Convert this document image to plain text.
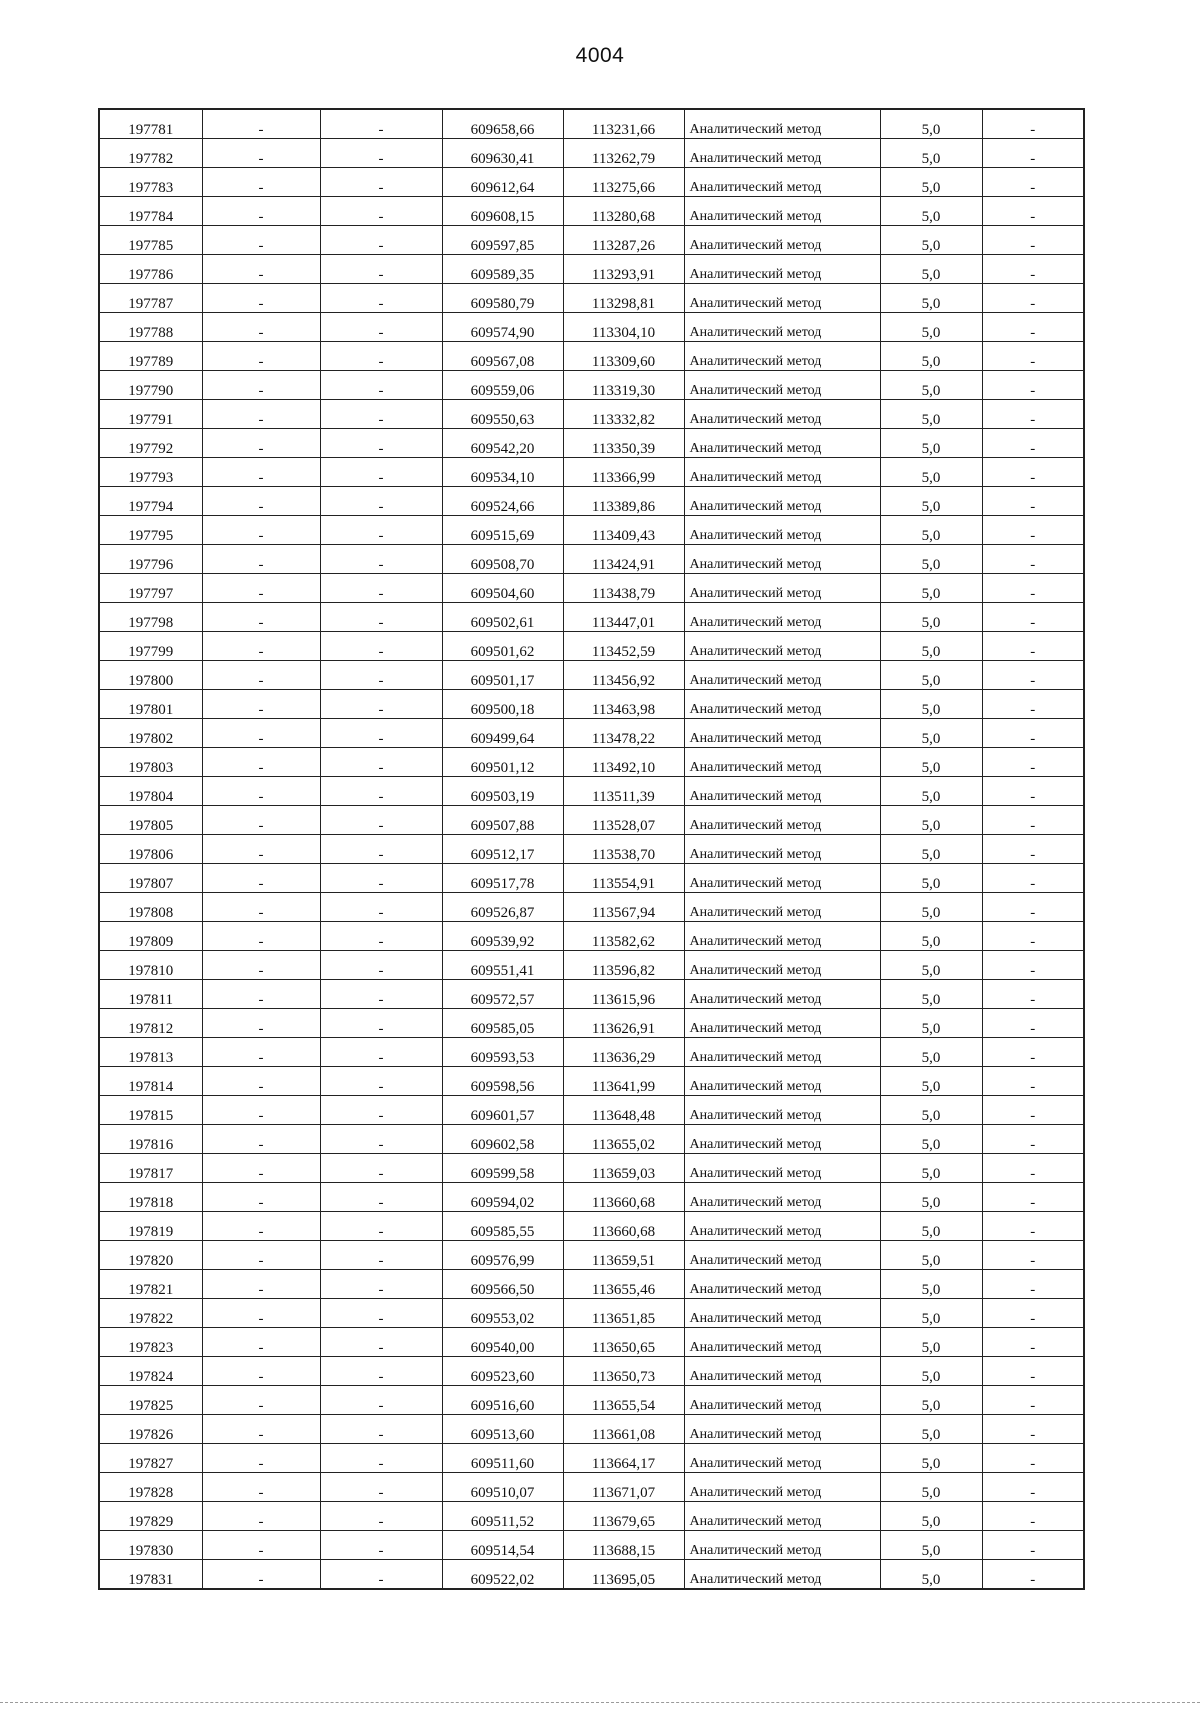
4004
197781	-	-	609658,66	113231,66	Аналитический метод	5,0	-
197782	-	-	609630,41	113262,79	Аналитический метод	5,0	-
197783	-	-	609612,64	113275,66	Аналитический метод	5,0	-
197784	-	-	609608,15	113280,68	Аналитический метод	5,0	-
197785	-	-	609597,85	113287,26	Аналитический метод	5,0	-
197786	-	-	609589,35	113293,91	Аналитический метод	5,0	-
197787	-	-	609580,79	113298,81	Аналитический метод	5,0	-
197788	-	-	609574,90	113304,10	Аналитический метод	5,0	-
197789	-	-	609567,08	113309,60	Аналитический метод	5,0	-
197790	-	-	609559,06	113319,30	Аналитический метод	5,0	-
197791	-	-	609550,63	113332,82	Аналитический метод	5,0	-
197792	-	-	609542,20	113350,39	Аналитический метод	5,0	-
197793	-	-	609534,10	113366,99	Аналитический метод	5,0	-
197794	-	-	609524,66	113389,86	Аналитический метод	5,0	-
197795	-	-	609515,69	113409,43	Аналитический метод	5,0	-
197796	-	-	609508,70	113424,91	Аналитический метод	5,0	-
197797	-	-	609504,60	113438,79	Аналитический метод	5,0	-
197798	-	-	609502,61	113447,01	Аналитический метод	5,0	-
197799	-	-	609501,62	113452,59	Аналитический метод	5,0	-
197800	-	-	609501,17	113456,92	Аналитический метод	5,0	-
197801	-	-	609500,18	113463,98	Аналитический метод	5,0	-
197802	-	-	609499,64	113478,22	Аналитический метод	5,0	-
197803	-	-	609501,12	113492,10	Аналитический метод	5,0	-
197804	-	-	609503,19	113511,39	Аналитический метод	5,0	-
197805	-	-	609507,88	113528,07	Аналитический метод	5,0	-
197806	-	-	609512,17	113538,70	Аналитический метод	5,0	-
197807	-	-	609517,78	113554,91	Аналитический метод	5,0	-
197808	-	-	609526,87	113567,94	Аналитический метод	5,0	-
197809	-	-	609539,92	113582,62	Аналитический метод	5,0	-
197810	-	-	609551,41	113596,82	Аналитический метод	5,0	-
197811	-	-	609572,57	113615,96	Аналитический метод	5,0	-
197812	-	-	609585,05	113626,91	Аналитический метод	5,0	-
197813	-	-	609593,53	113636,29	Аналитический метод	5,0	-
197814	-	-	609598,56	113641,99	Аналитический метод	5,0	-
197815	-	-	609601,57	113648,48	Аналитический метод	5,0	-
197816	-	-	609602,58	113655,02	Аналитический метод	5,0	-
197817	-	-	609599,58	113659,03	Аналитический метод	5,0	-
197818	-	-	609594,02	113660,68	Аналитический метод	5,0	-
197819	-	-	609585,55	113660,68	Аналитический метод	5,0	-
197820	-	-	609576,99	113659,51	Аналитический метод	5,0	-
197821	-	-	609566,50	113655,46	Аналитический метод	5,0	-
197822	-	-	609553,02	113651,85	Аналитический метод	5,0	-
197823	-	-	609540,00	113650,65	Аналитический метод	5,0	-
197824	-	-	609523,60	113650,73	Аналитический метод	5,0	-
197825	-	-	609516,60	113655,54	Аналитический метод	5,0	-
197826	-	-	609513,60	113661,08	Аналитический метод	5,0	-
197827	-	-	609511,60	113664,17	Аналитический метод	5,0	-
197828	-	-	609510,07	113671,07	Аналитический метод	5,0	-
197829	-	-	609511,52	113679,65	Аналитический метод	5,0	-
197830	-	-	609514,54	113688,15	Аналитический метод	5,0	-
197831	-	-	609522,02	113695,05	Аналитический метод	5,0	-
